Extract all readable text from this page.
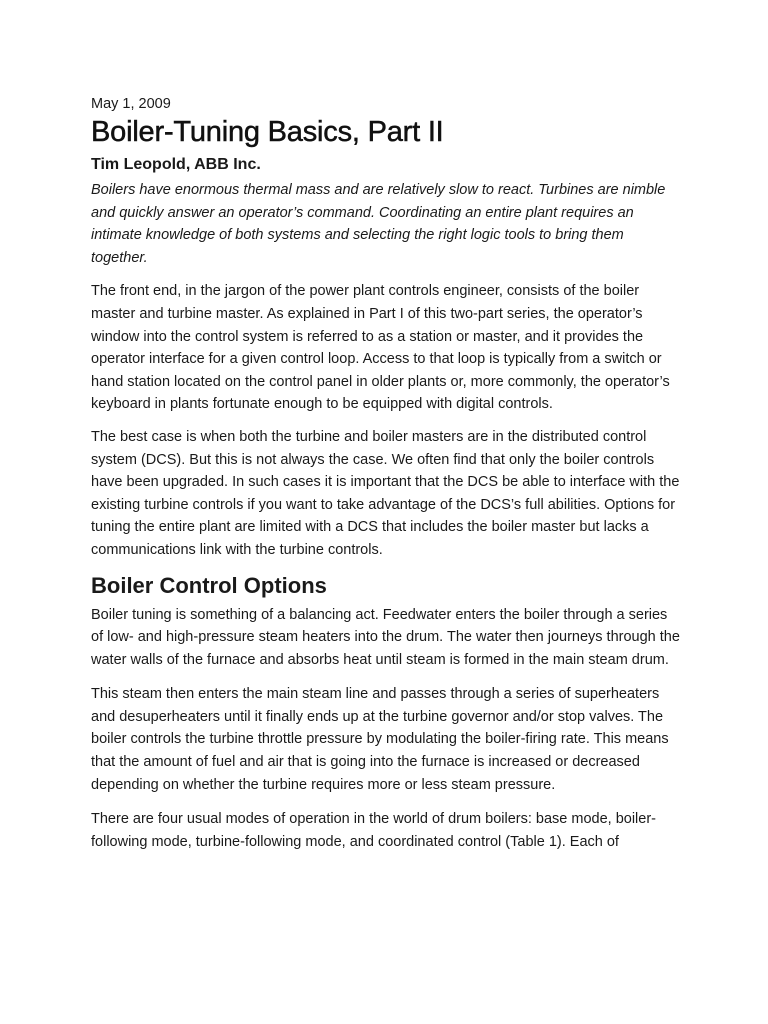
May 1, 2009

Boiler-Tuning Basics, Part II

Tim Leopold, ABB Inc.

Boilers have enormous thermal mass and are relatively slow to react. Turbines are nimble and quickly answer an operator’s command. Coordinating an entire plant requires an intimate knowledge of both systems and selecting the right logic tools to bring them together.

The front end, in the jargon of the power plant controls engineer, consists of the boiler master and turbine master. As explained in Part I of this two-part series, the operator’s window into the control system is referred to as a station or master, and it provides the operator interface for a given control loop. Access to that loop is typically from a switch or hand station located on the control panel in older plants or, more commonly, the operator’s keyboard in plants fortunate enough to be equipped with digital controls.

The best case is when both the turbine and boiler masters are in the distributed control system (DCS). But this is not always the case. We often find that only the boiler controls have been upgraded. In such cases it is important that the DCS be able to interface with the existing turbine controls if you want to take advantage of the DCS’s full abilities. Options for tuning the entire plant are limited with a DCS that includes the boiler master but lacks a communications link with the turbine controls.

Boiler Control Options

Boiler tuning is something of a balancing act. Feedwater enters the boiler through a series of low- and high-pressure steam heaters into the drum. The water then journeys through the water walls of the furnace and absorbs heat until steam is formed in the main steam drum.

This steam then enters the main steam line and passes through a series of superheaters and desuperheaters until it finally ends up at the turbine governor and/or stop valves. The boiler controls the turbine throttle pressure by modulating the boiler-firing rate. This means that the amount of fuel and air that is going into the furnace is increased or decreased depending on whether the turbine requires more or less steam pressure.

There are four usual modes of operation in the world of drum boilers: base mode, boiler-following mode, turbine-following mode, and coordinated control (Table 1). Each of
